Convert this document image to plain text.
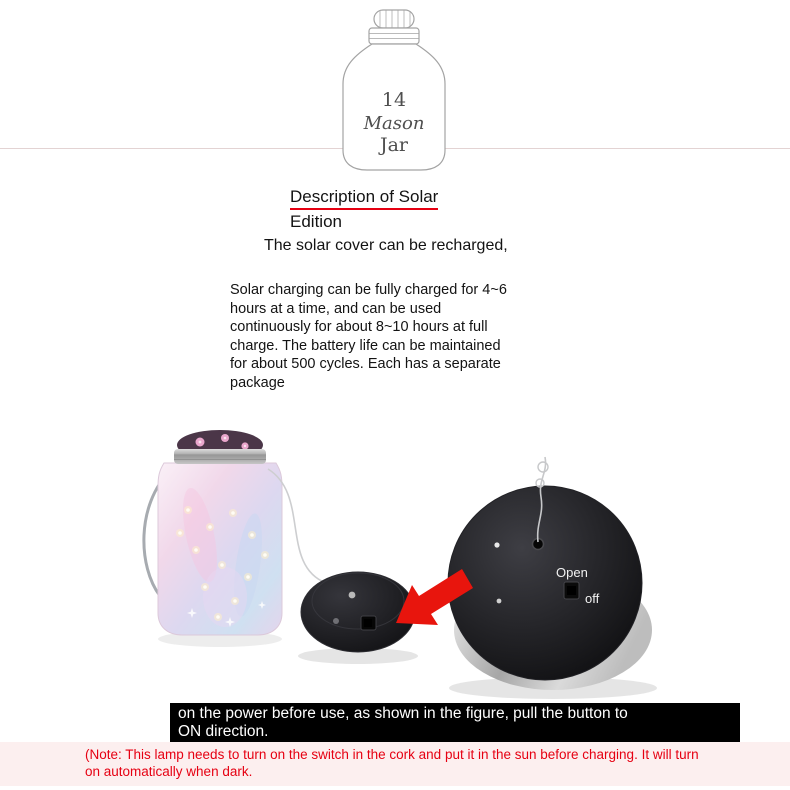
14
Mason
Jar
Description of Solar
Edition
The solar cover can be recharged,
Solar charging can be fully charged for 4~6
hours at a time, and can be used
continuously for about 8~10 hours at full
charge. The battery life can be maintained
for about 500 cycles. Each has a separate
package
Open
off
on the power before use, as shown in the figure, pull the button to
ON direction.
(Note: This lamp needs to turn on the switch in the cork and put it in the sun before charging. It will turn
on automatically when dark.
